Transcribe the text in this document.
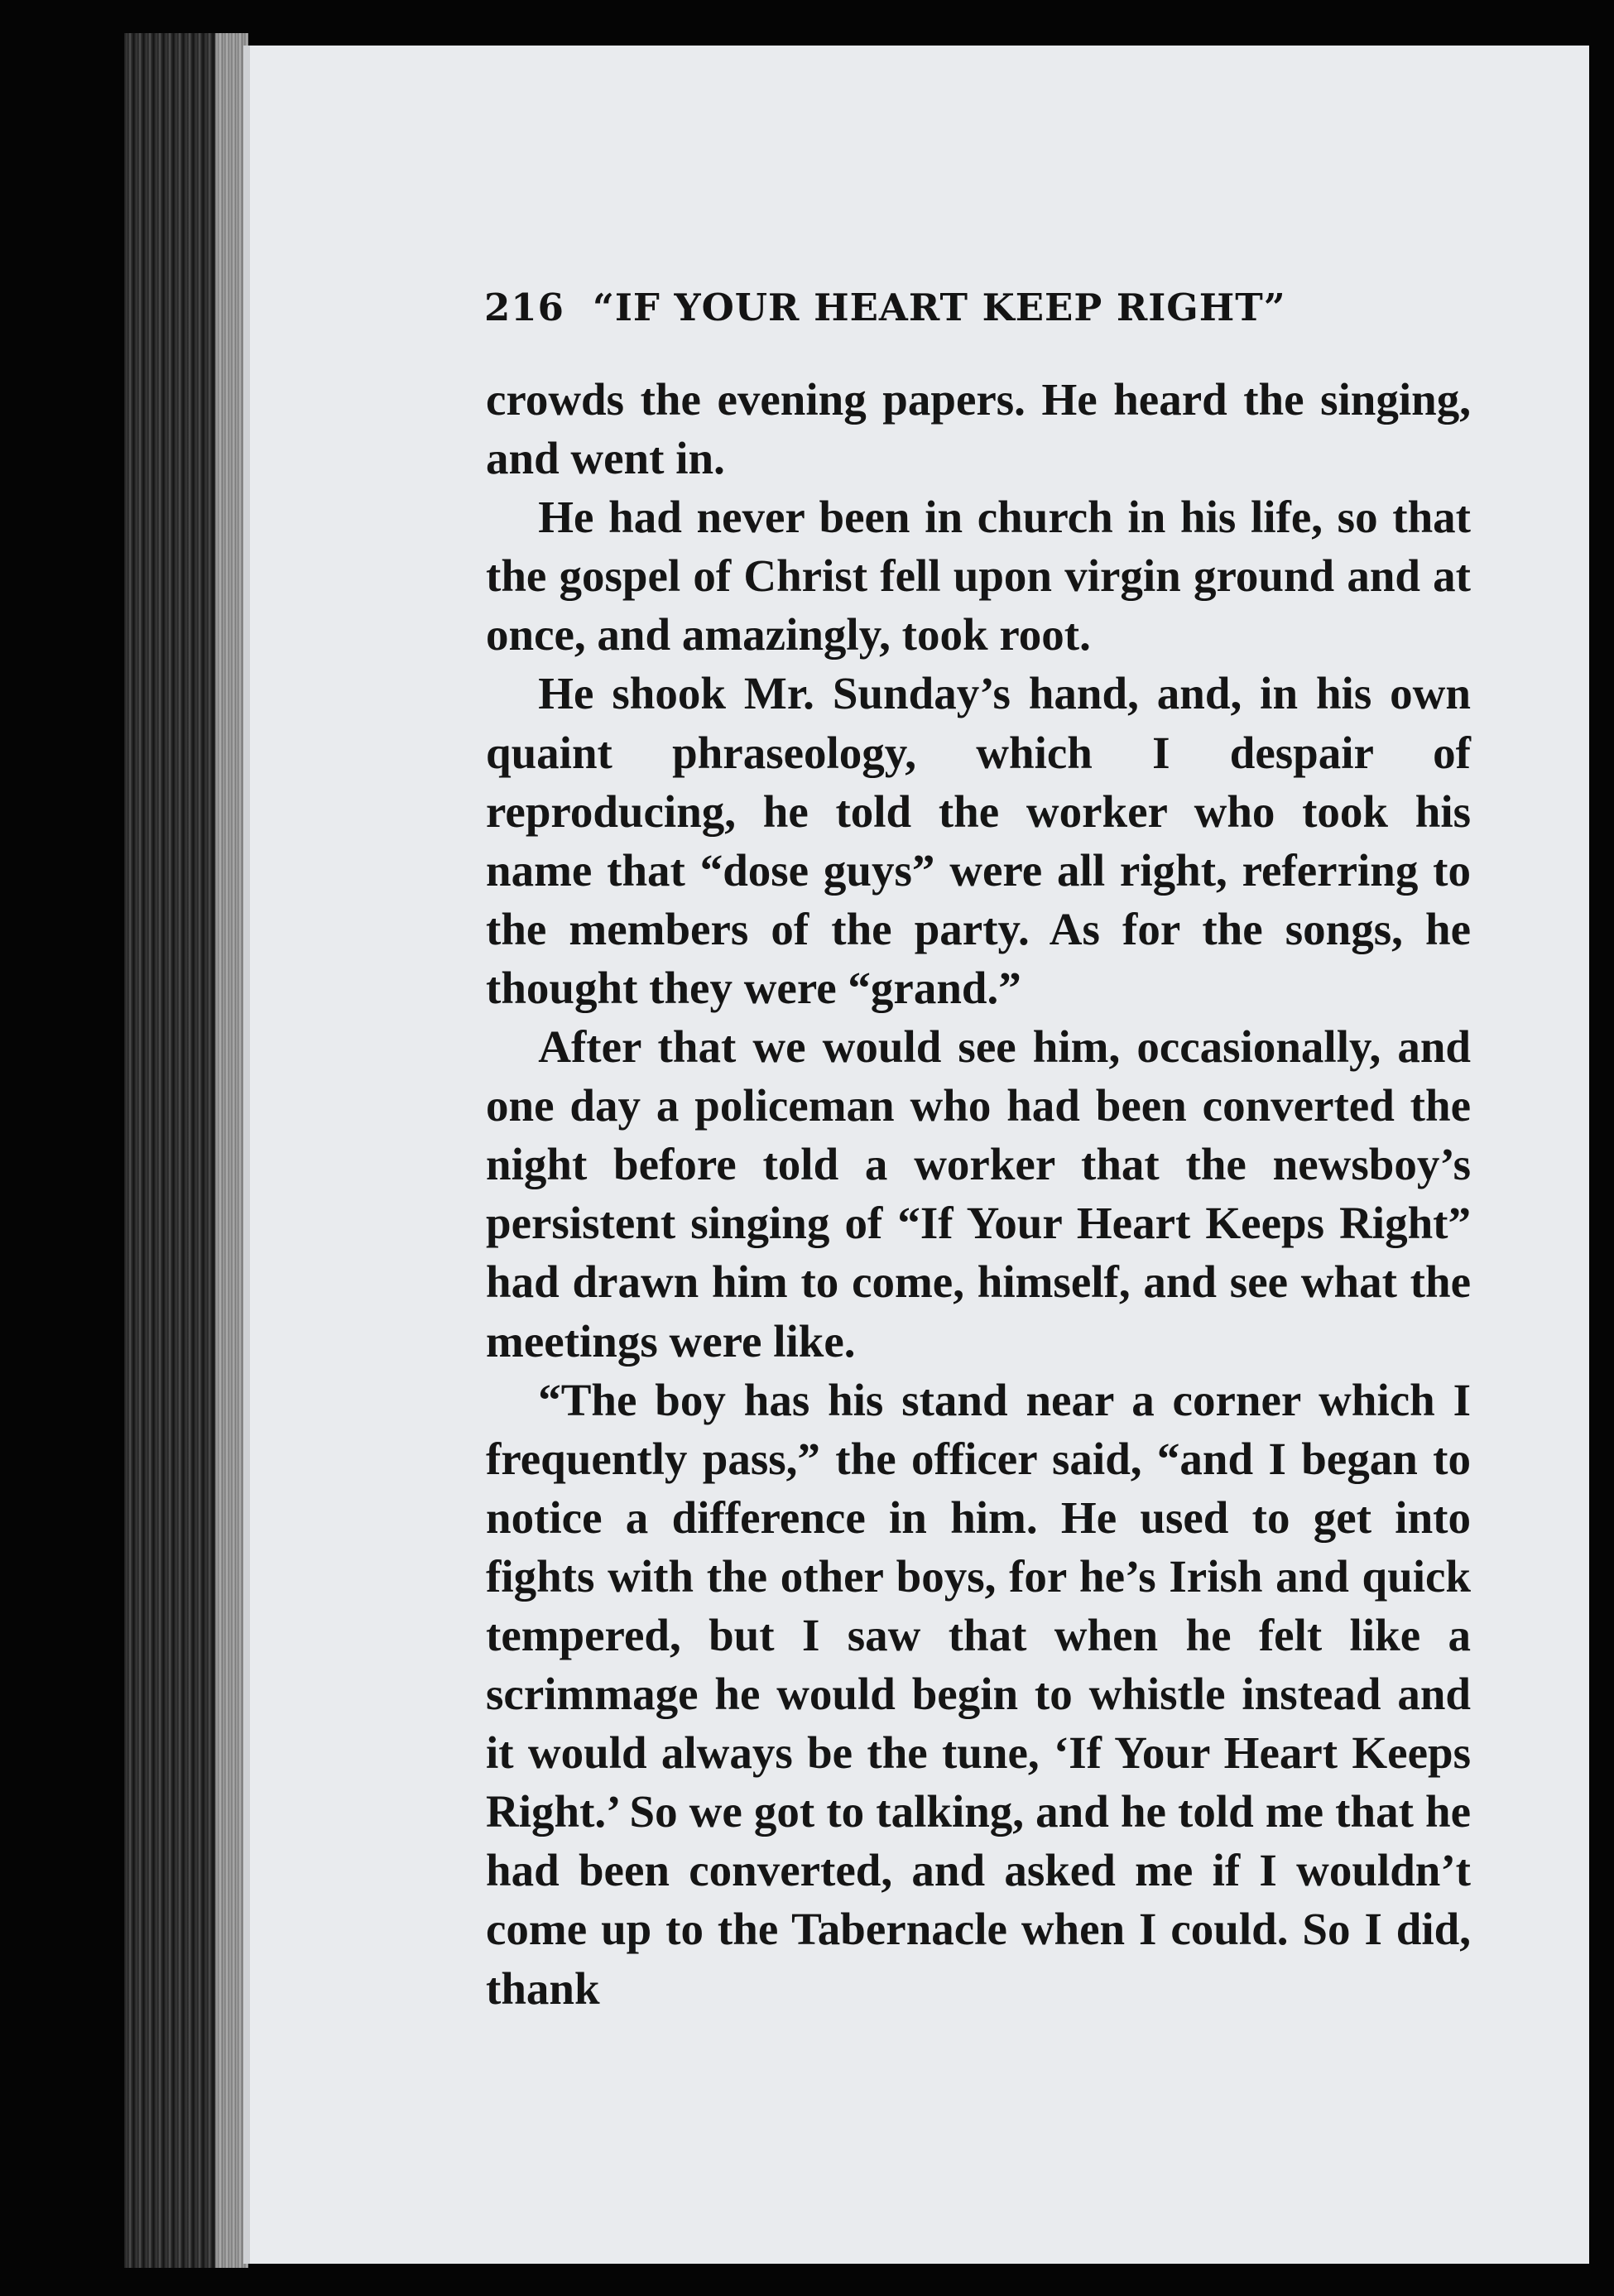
216 “IF YOUR HEART KEEP RIGHT”

crowds the evening papers. He heard the singing, and went in.

He had never been in church in his life, so that the gospel of Christ fell upon virgin ground and at once, and amazingly, took root.

He shook Mr. Sunday’s hand, and, in his own quaint phraseology, which I despair of reproducing, he told the worker who took his name that “dose guys” were all right, referring to the members of the party. As for the songs, he thought they were “grand.”

After that we would see him, occasionally, and one day a policeman who had been converted the night before told a worker that the newsboy’s persistent singing of “If Your Heart Keeps Right” had drawn him to come, himself, and see what the meetings were like.

“The boy has his stand near a corner which I frequently pass,” the officer said, “and I began to notice a difference in him. He used to get into fights with the other boys, for he’s Irish and quick tempered, but I saw that when he felt like a scrimmage he would begin to whistle instead and it would always be the tune, ‘If Your Heart Keeps Right.’ So we got to talking, and he told me that he had been converted, and asked me if I wouldn’t come up to the Tabernacle when I could. So I did, thank
